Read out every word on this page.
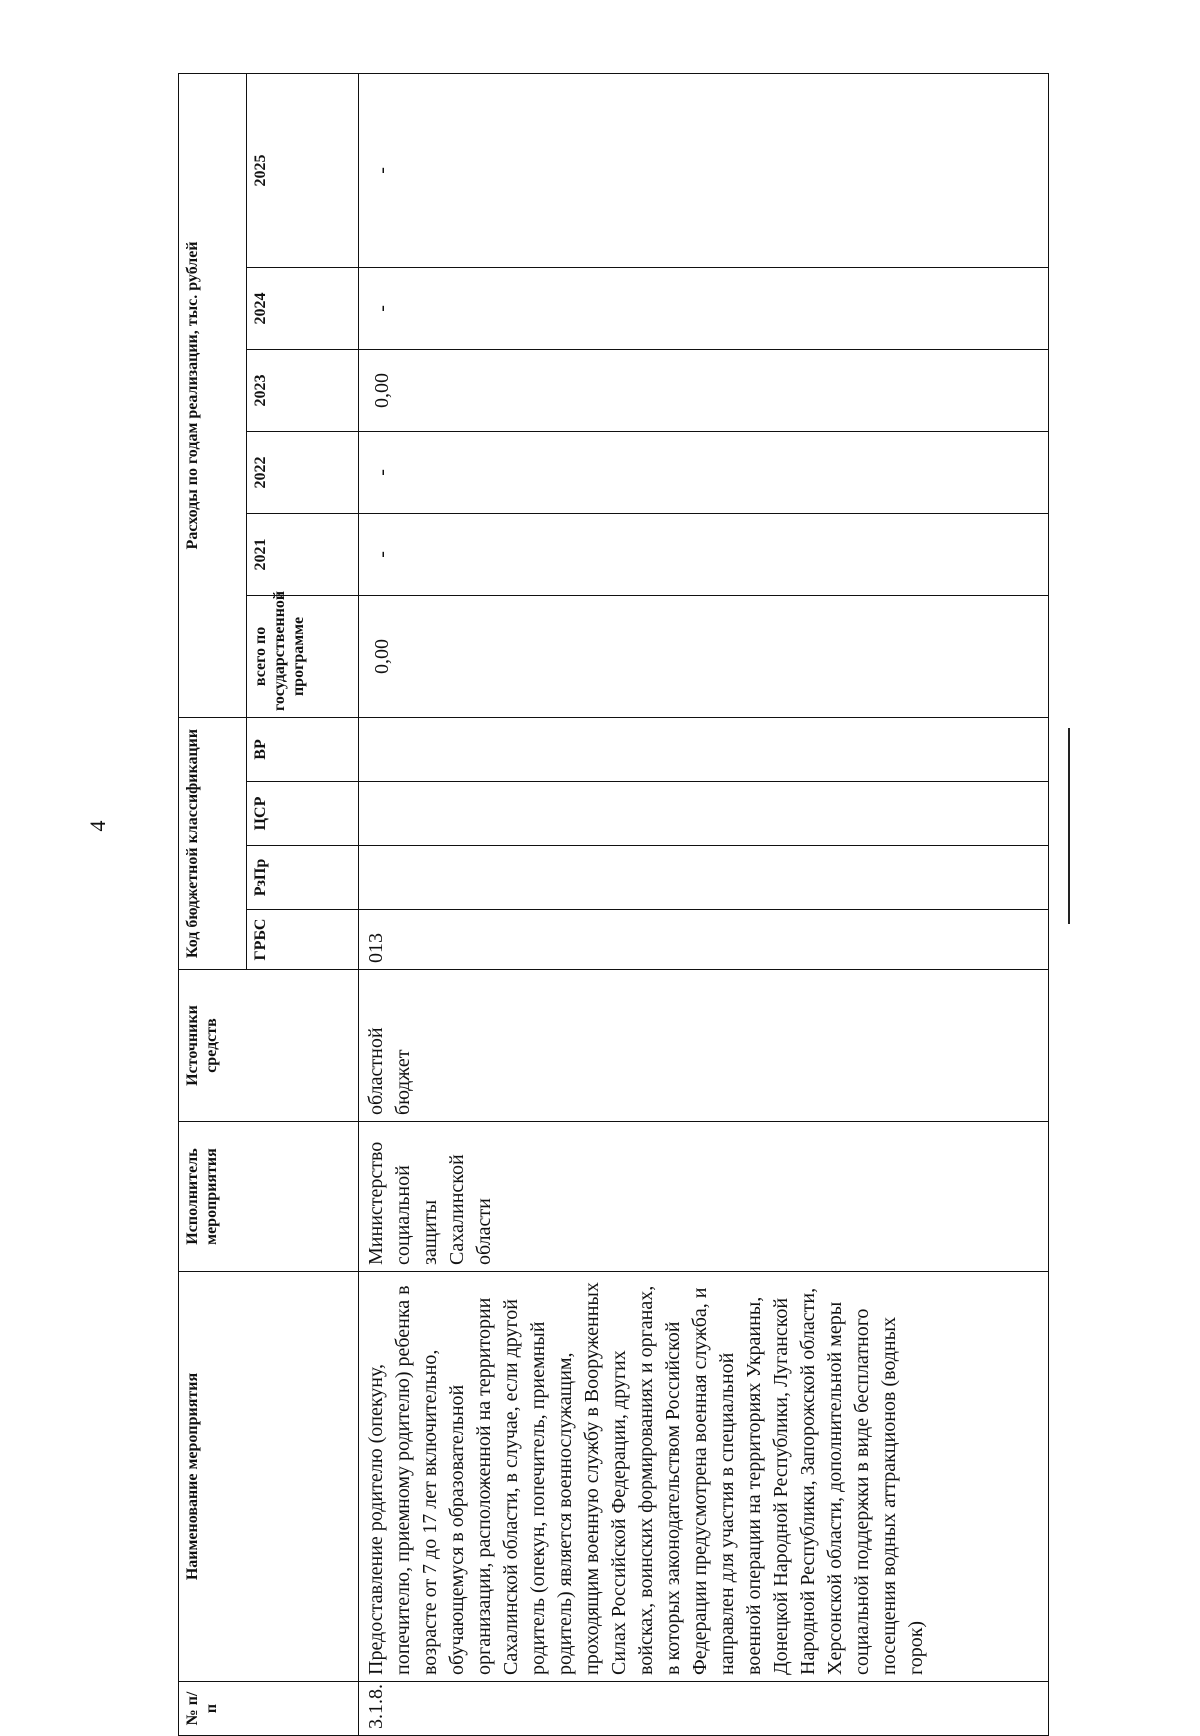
4
№ п/п	Наименование мероприятия	Исполнитель мероприятия	Источники средств	Код бюджетной классификации				Расходы по годам реализации, тыс. рублей					
				ГРБС	РзПр	ЦСР	ВР	всего по государственной программе	2021	2022	2023	2024	2025
3.1.8.	Предоставление родителю (опекуну, попечителю, приемному родителю) ребенка в возрасте от 7 до 17 лет включительно, обучающемуся в образовательной организации, расположенной на территории Сахалинской области, в случае, если другой родитель (опекун, попечитель, приемный родитель) является военнослужащим, проходящим военную службу в Вооруженных Силах Российской Федерации, других войсках, воинских формированиях и органах, в которых законодательством Российской Федерации предусмотрена военная служба, и направлен для участия в специальной военной операции на территориях Украины, Донецкой Народной Республики, Луганской Народной Республики, Запорожской области, Херсонской области, дополнительной меры социальной поддержки в виде бесплатного посещения водных аттракционов (водных горок)	Министерство социальной защиты Сахалинской области	областной бюджет	013				0,00	-	-	0,00	-	-
